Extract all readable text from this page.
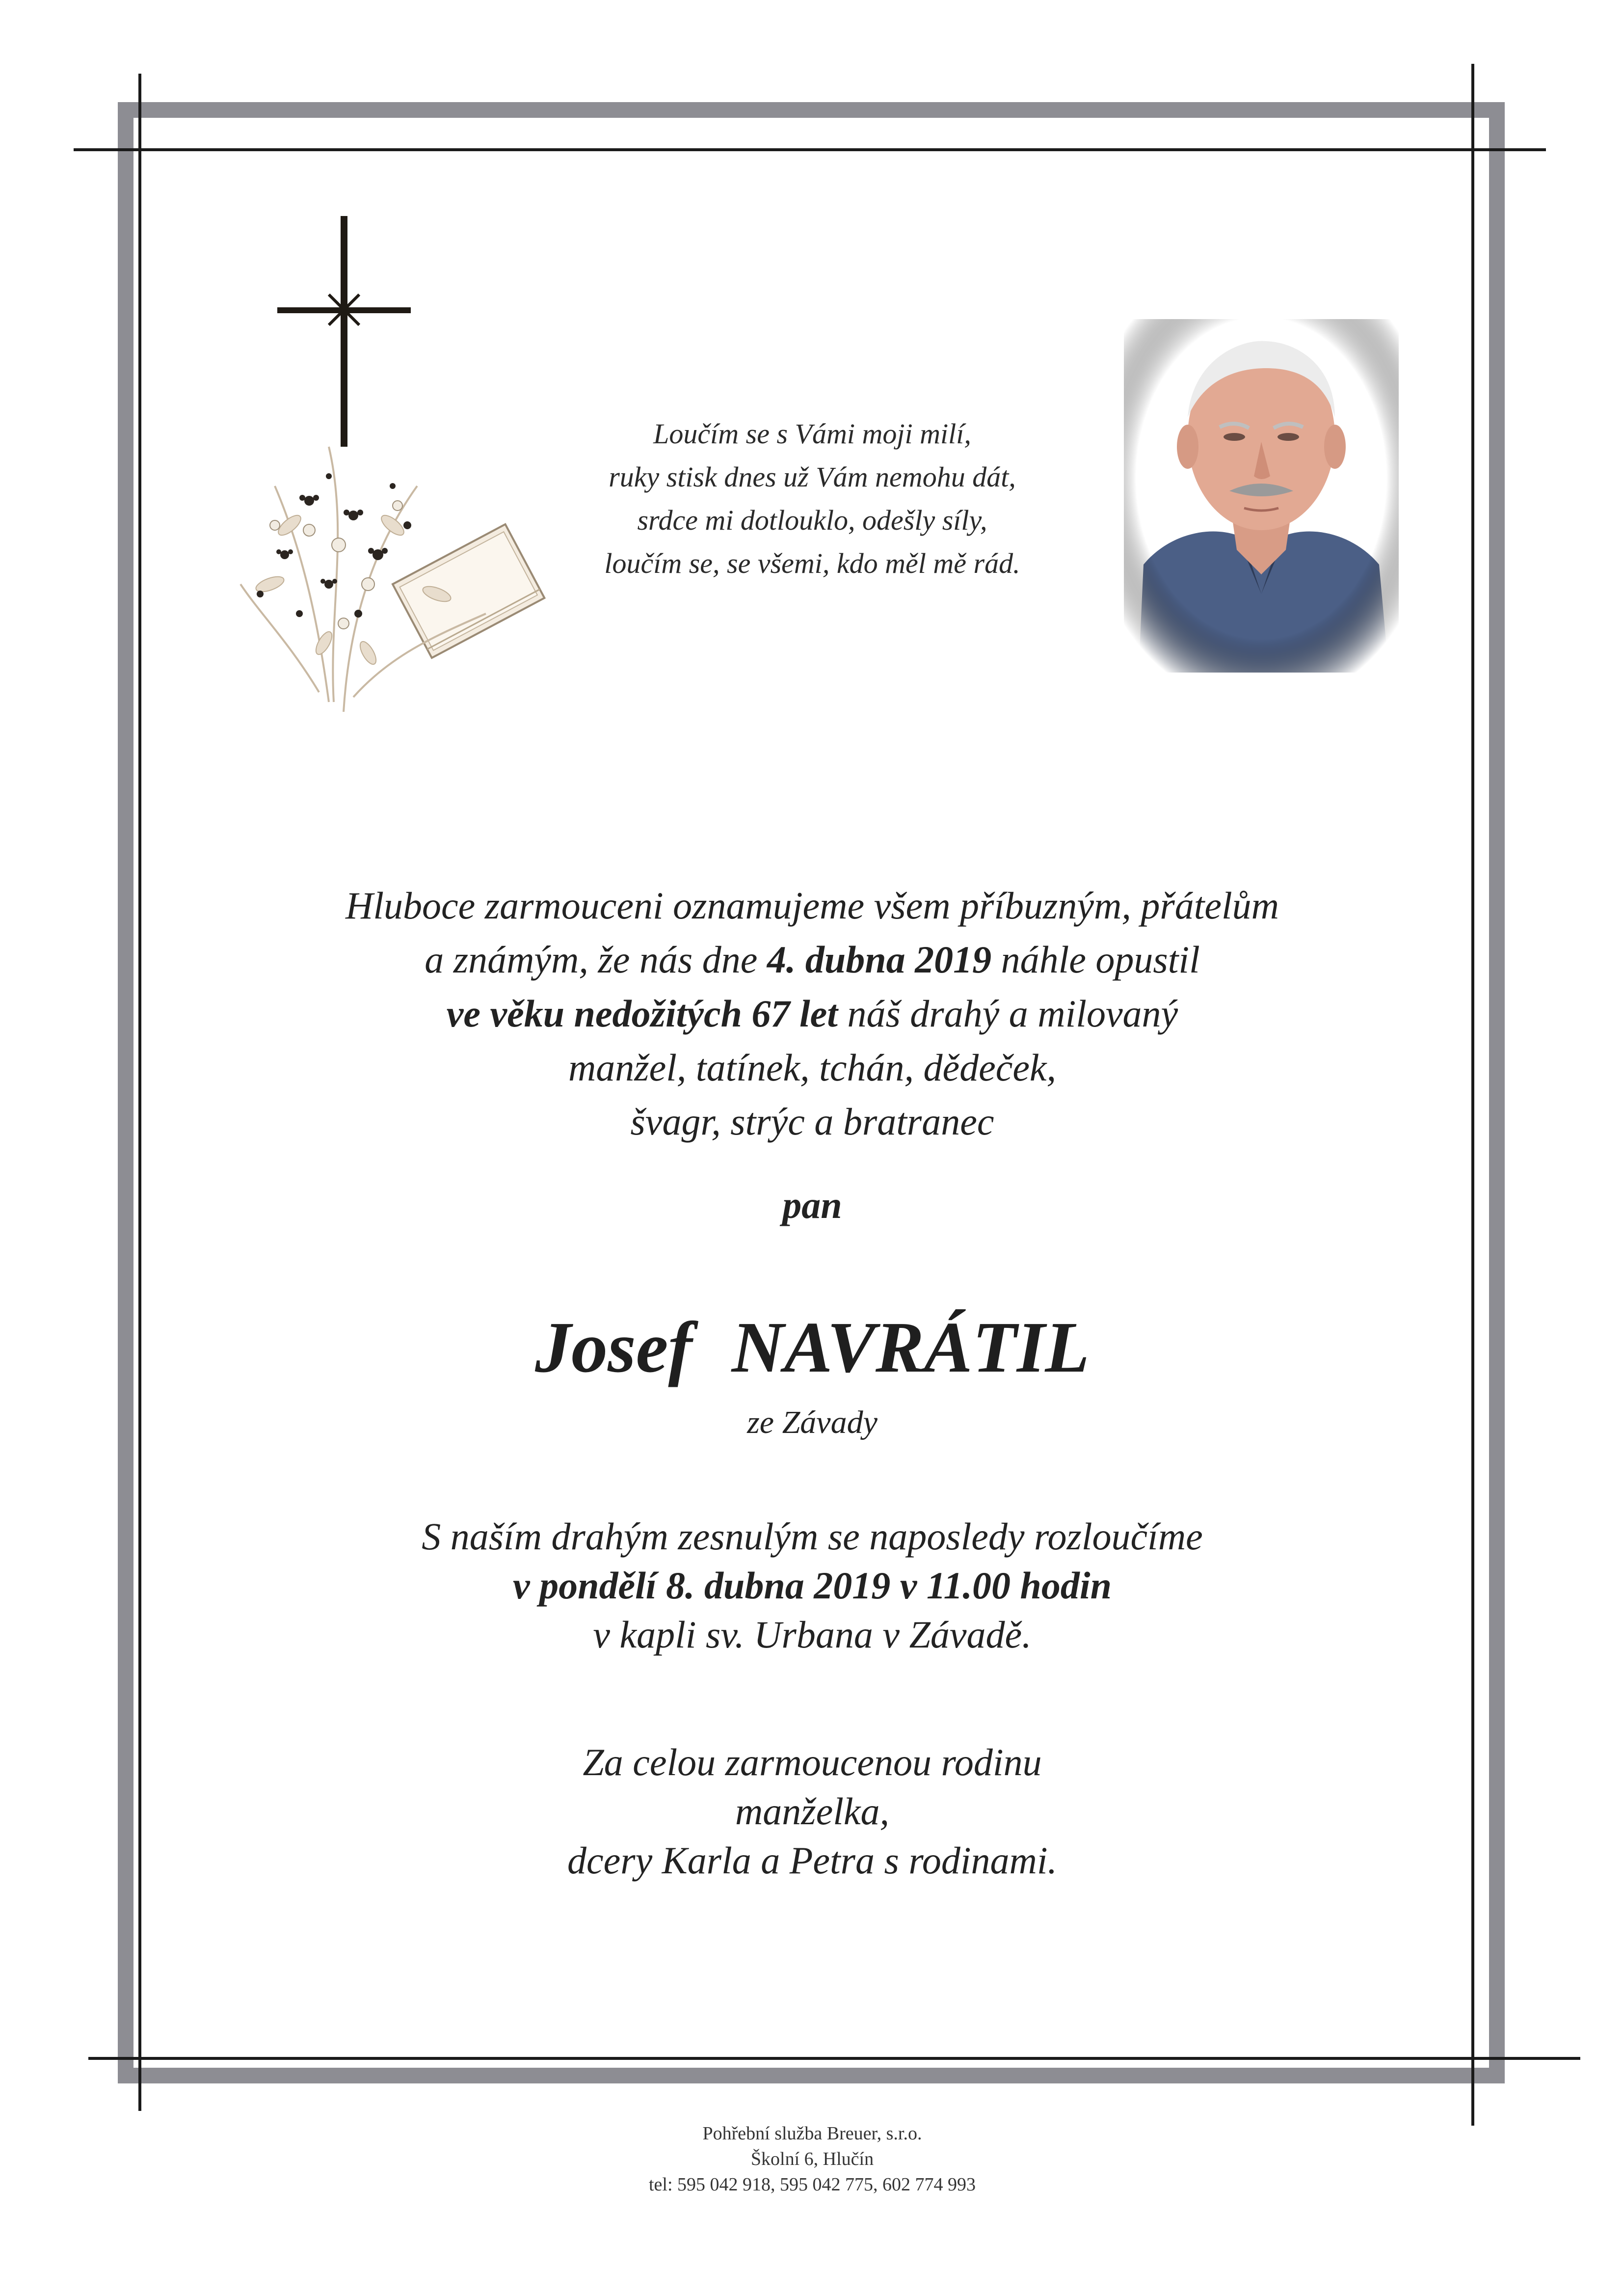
Loučím se s Vámi moji milí,
ruky stisk dnes už Vám nemohu dát,
srdce mi dotlouklo, odešly síly,
loučím se, se všemi, kdo měl mě rád.
Hluboce zarmouceni oznamujeme všem příbuzným, přátelům
a známým, že nás dne 4. dubna 2019 náhle opustil
ve věku nedožitých 67 let náš drahý a milovaný
manžel, tatínek, tchán, dědeček,
švagr, strýc a bratranec
pan
Josef NAVRÁTIL
ze Závady
S naším drahým zesnulým se naposledy rozloučíme
v pondělí 8. dubna 2019 v 11.00 hodin
v kapli sv. Urbana v Závadě.
Za celou zarmoucenou rodinu
manželka,
dcery Karla a Petra s rodinami.
Pohřební služba Breuer, s.r.o.
Školní 6, Hlučín
tel: 595 042 918, 595 042 775, 602 774 993
